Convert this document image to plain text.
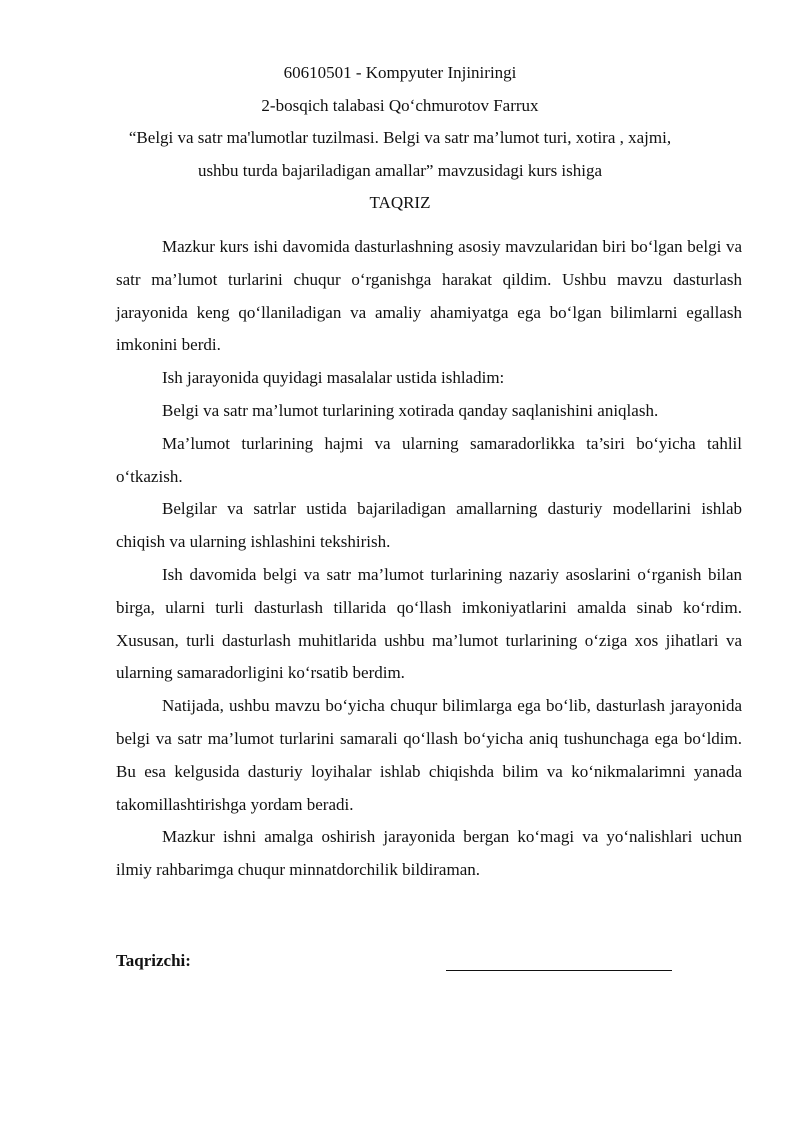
60610501 - Kompyuter Injiniringi
2-bosqich talabasi Qo‘chmurotov Farrux
“Belgi va satr ma'lumotlar tuzilmasi. Belgi va satr ma’lumot turi, xotira , xajmi,
ushbu turda bajariladigan amallar” mavzusidagi kurs ishiga
TAQRIZ

Mazkur kurs ishi davomida dasturlashning asosiy mavzularidan biri bo‘lgan belgi va satr ma’lumot turlarini chuqur o‘rganishga harakat qildim. Ushbu mavzu dasturlash jarayonida keng qo‘llaniladigan va amaliy ahamiyatga ega bo‘lgan bilimlarni egallash imkonini berdi.

Ish jarayonida quyidagi masalalar ustida ishladim:

Belgi va satr ma’lumot turlarining xotirada qanday saqlanishini aniqlash.

Ma’lumot turlarining hajmi va ularning samaradorlikka ta’siri bo‘yicha tahlil o‘tkazish.

Belgilar va satrlar ustida bajariladigan amallarning dasturiy modellarini ishlab chiqish va ularning ishlashini tekshirish.

Ish davomida belgi va satr ma’lumot turlarining nazariy asoslarini o‘rganish bilan birga, ularni turli dasturlash tillarida qo‘llash imkoniyatlarini amalda sinab ko‘rdim. Xususan, turli dasturlash muhitlarida ushbu ma’lumot turlarining o‘ziga xos jihatlari va ularning samaradorligini ko‘rsatib berdim.

Natijada, ushbu mavzu bo‘yicha chuqur bilimlarga ega bo‘lib, dasturlash jarayonida belgi va satr ma’lumot turlarini samarali qo‘llash bo‘yicha aniq tushunchaga ega bo‘ldim. Bu esa kelgusida dasturiy loyihalar ishlab chiqishda bilim va ko‘nikmalarimni yanada takomillashtirishga yordam beradi.

Mazkur ishni amalga oshirish jarayonida bergan ko‘magi va yo‘nalishlari uchun ilmiy rahbarimga chuqur minnatdorchilik bildiraman.

Taqrizchi:
